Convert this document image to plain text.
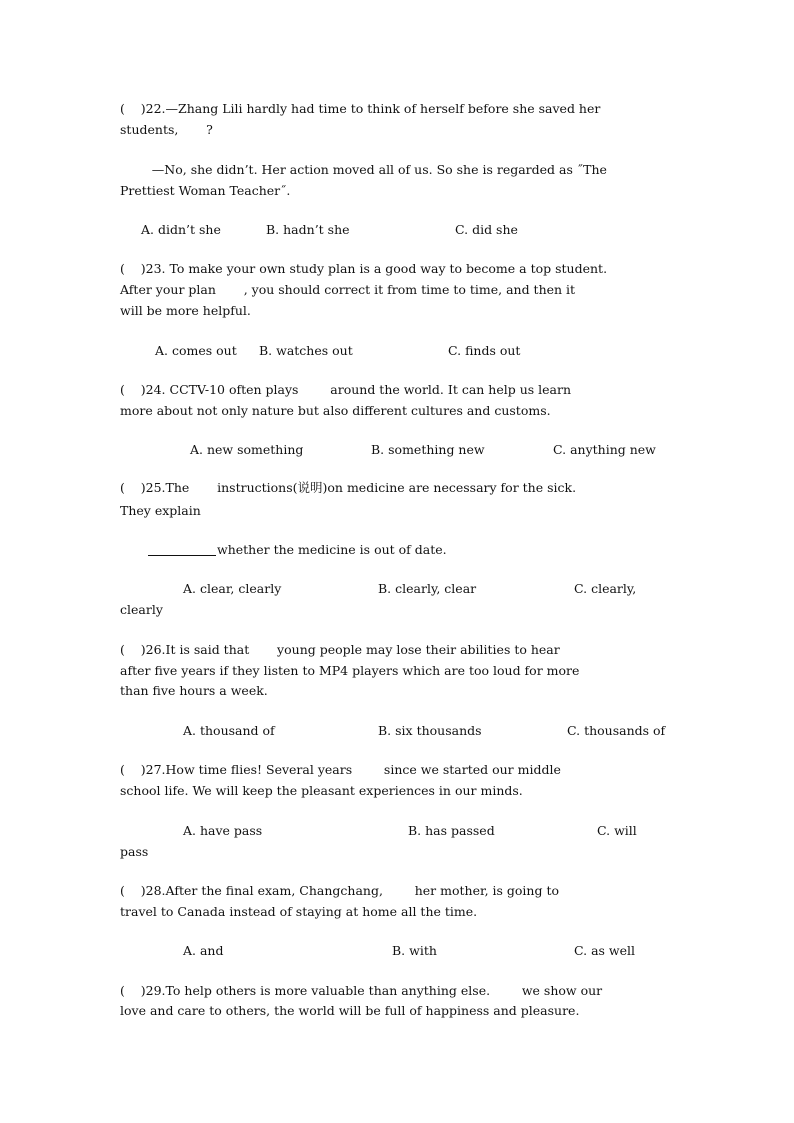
(    )22.—Zhang Lili hardly had time to think of herself before she saved her
students,       ?
—No, she didn’t. Her action moved all of us. So she is regarded as ˝The
Prettiest Woman Teacher˝.
A. didn’t she	B. hadn’t she	C. did she
(    )23. To make your own study plan is a good way to become a top student.
After your plan       , you should correct it from time to time, and then it
will be more helpful.
A. comes out B. watches out	C. finds out
(    )24. CCTV-10 often plays        around the world. It can help us learn
more about not only nature but also different cultures and customs.
A. new something	B. something new	C. anything new
(    )25.The       instructions(说明)on medicine are necessary for the sick.
They explain
whether the medicine is out of date.
A. clear, clearly	B. clearly, clear	C. clearly,
clearly
(    )26.It is said that       young people may lose their abilities to hear
after five years if they listen to MP4 players which are too loud for more
than five hours a week.
A. thousand of	B. six thousands	C. thousands of
(    )27.How time flies! Several years        since we started our middle
school life. We will keep the pleasant experiences in our minds.
A. have pass	B. has passed	C. will
pass
(    )28.After the final exam, Changchang,        her mother, is going to
travel to Canada instead of staying at home all the time.
A. and	B. with	C. as well
(    )29.To help others is more valuable than anything else.        we show our
love and care to others, the world will be full of happiness and pleasure.
